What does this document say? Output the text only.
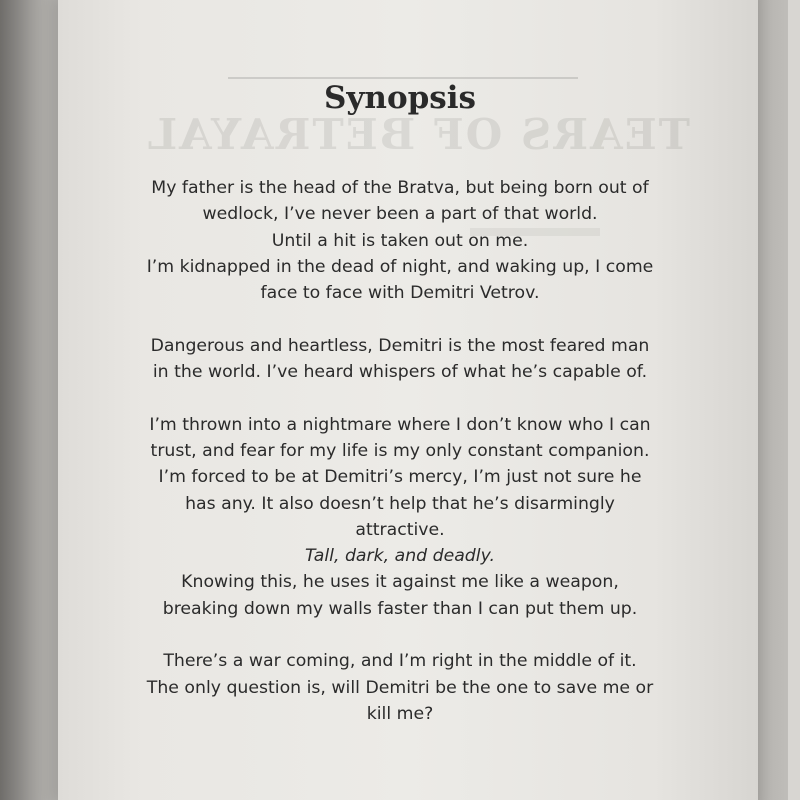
TEARS OF BETRAYAL
Synopsis

My father is the head of the Bratva, but being born out of
wedlock, I’ve never been a part of that world.
Until a hit is taken out on me.
I’m kidnapped in the dead of night, and waking up, I come
face to face with Demitri Vetrov.

Dangerous and heartless, Demitri is the most feared man
in the world. I’ve heard whispers of what he’s capable of.

I’m thrown into a nightmare where I don’t know who I can
trust, and fear for my life is my only constant companion.
I’m forced to be at Demitri’s mercy, I’m just not sure he
has any. It also doesn’t help that he’s disarmingly
attractive.
Tall, dark, and deadly.
Knowing this, he uses it against me like a weapon,
breaking down my walls faster than I can put them up.

There’s a war coming, and I’m right in the middle of it.
The only question is, will Demitri be the one to save me or
kill me?
